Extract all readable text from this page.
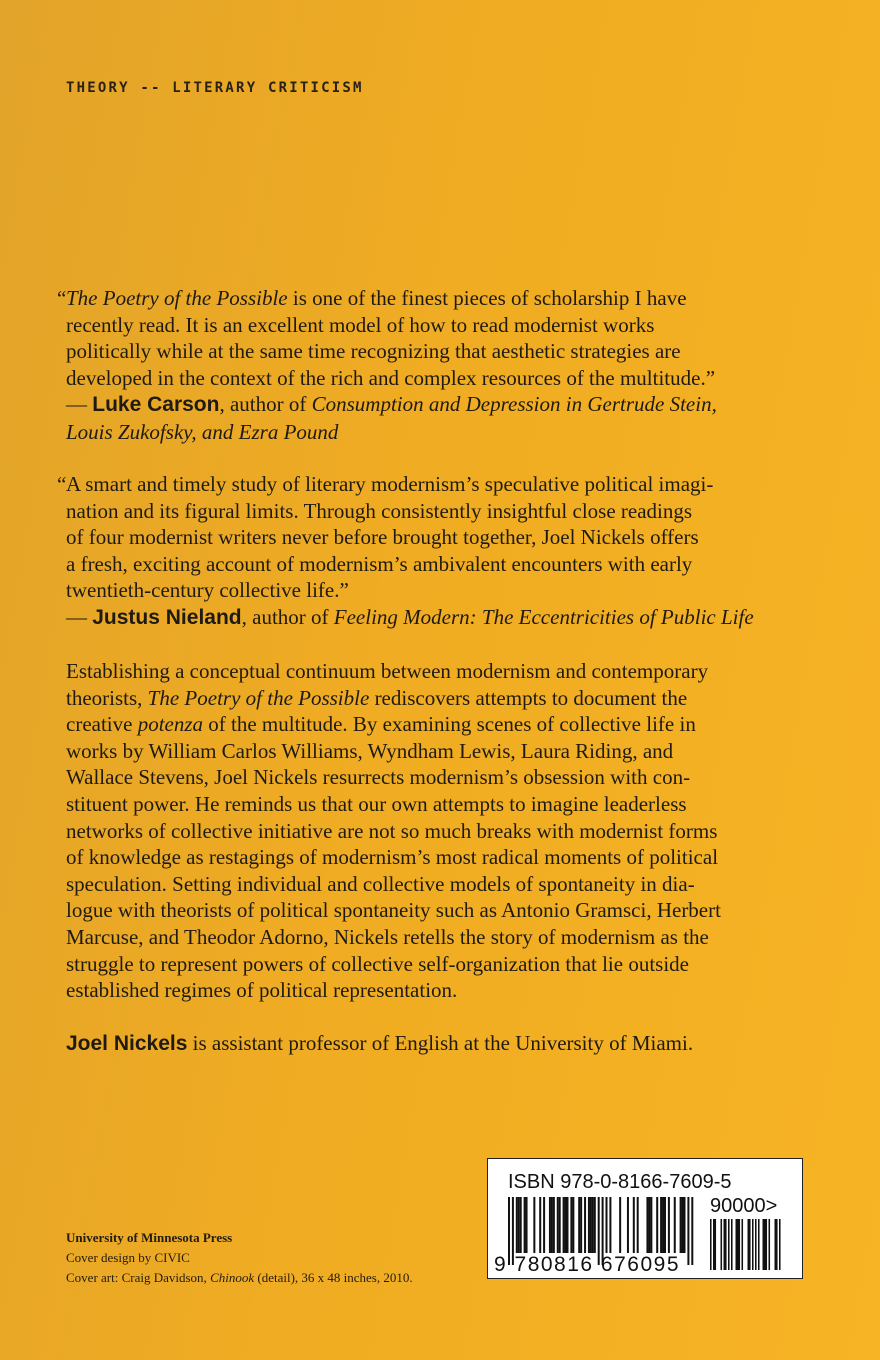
THEORY -- LITERARY CRITICISM
“ The Poetry of the Possible is one of the finest pieces of scholarship I have

recently read. It is an excellent model of how to read modernist works

politically while at the same time recognizing that aesthetic strategies are

developed in the context of the rich and complex resources of the multitude.”

— Luke Carson, author of Consumption and Depression in Gertrude Stein,

Louis Zukofsky, and Ezra Pound

“ A smart and timely study of literary modernism’s speculative political imagi-

nation and its figural limits. Through consistently insightful close readings

of four modernist writers never before brought together, Joel Nickels offers

a fresh, exciting account of modernism’s ambivalent encounters with early

twentieth-century collective life.”

— Justus Nieland, author of Feeling Modern: The Eccentricities of Public Life

Establishing a conceptual continuum between modernism and contemporary

theorists, The Poetry of the Possible rediscovers attempts to document the

creative potenza of the multitude. By examining scenes of collective life in

works by William Carlos Williams, Wyndham Lewis, Laura Riding, and

Wallace Stevens, Joel Nickels resurrects modernism’s obsession with con-

stituent power. He reminds us that our own attempts to imagine leaderless

networks of collective initiative are not so much breaks with modernist forms

of knowledge as restagings of modernism’s most radical moments of political

speculation. Setting individual and collective models of spontaneity in dia-

logue with theorists of political spontaneity such as Antonio Gramsci, Herbert

Marcuse, and Theodor Adorno, Nickels retells the story of modernism as the

struggle to represent powers of collective self-organization that lie outside

established regimes of political representation.

Joel Nickels is assistant professor of English at the University of Miami.

University of Minnesota Press
Cover design by CIVIC
Cover art: Craig Davidson, Chinook (detail), 36 x 48 inches, 2010.
ISBN 978-0-8166-7609-5
90000>
9 780816 676095
